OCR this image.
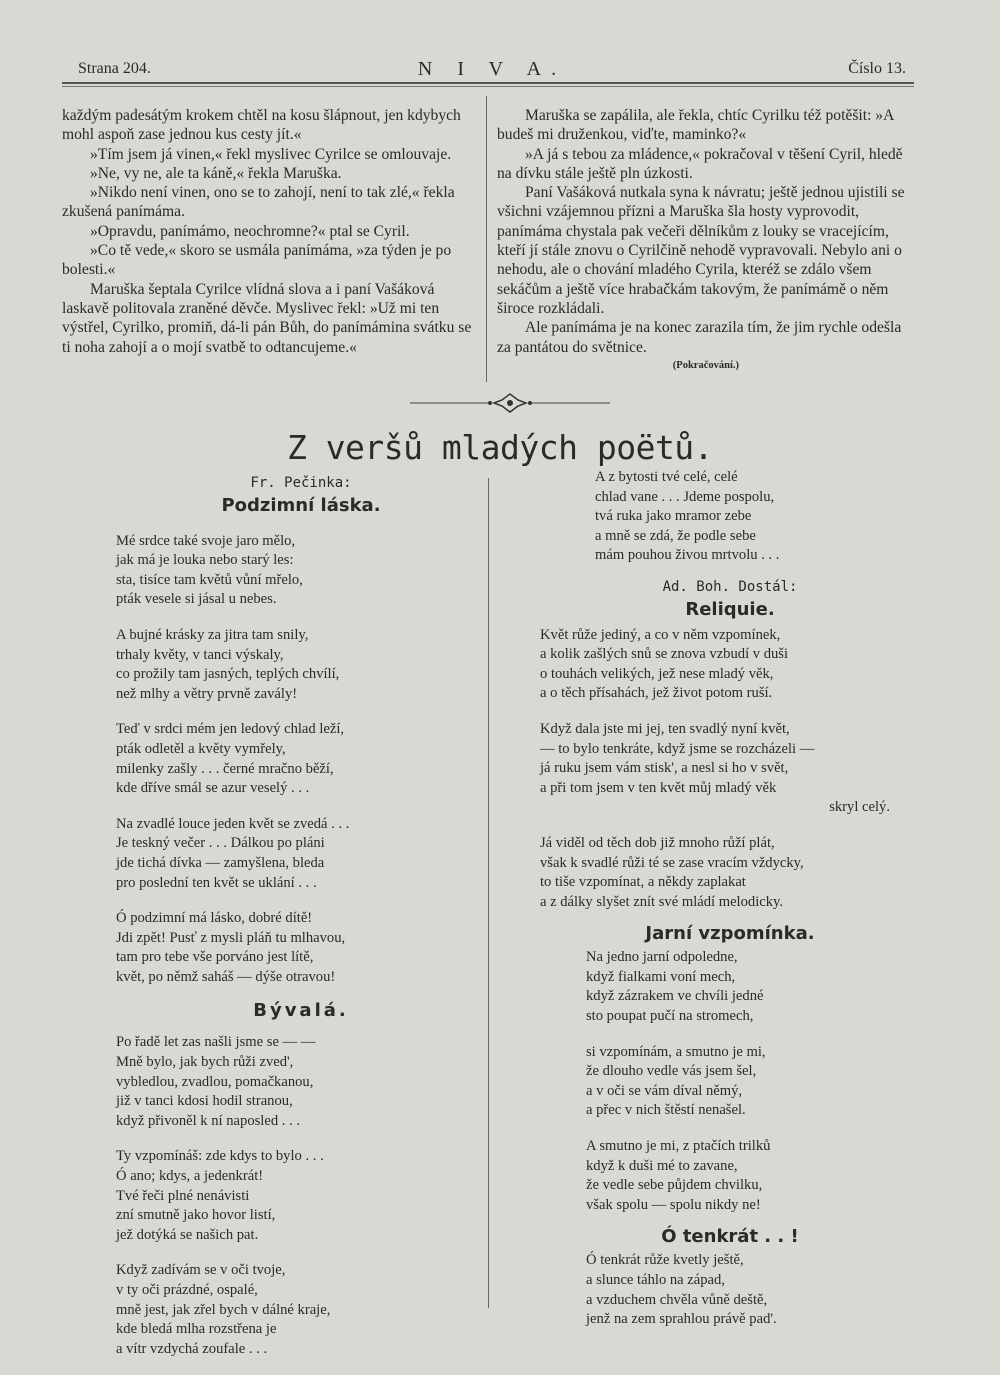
Strana 204.	N I V A.	Číslo 13.

každým padesátým krokem chtěl na kosu šlápnout, jen kdybych mohl aspoň zase jednou kus cesty jít.«

»Tím jsem já vinen,« řekl myslivec Cyrilce se omlouvaje.

»Ne, vy ne, ale ta káně,« řekla Maruška.

»Nikdo není vinen, ono se to zahojí, není to tak zlé,« řekla zkušená panímáma.

»Opravdu, panímámo, neochromne?« ptal se Cyril.

»Co tě vede,« skoro se usmála panímáma, »za týden je po bolesti.«

Maruška šeptala Cyrilce vlídná slova a i paní Vašáková laskavě politovala zraněné děvče. Myslivec řekl: »Už mi ten výstřel, Cyrilko, promiň, dá-li pán Bůh, do panímámina svátku se ti noha zahojí a o mojí svatbě to odtancujeme.«

Maruška se zapálila, ale řekla, chtíc Cyrilku též potěšit: »A budeš mi druženkou, viďte, maminko?«

»A já s tebou za mládence,« pokračoval v těšení Cyril, hledě na dívku stále ještě pln úzkosti.

Paní Vašáková nutkala syna k návratu; ještě jednou ujistili se všichni vzájemnou přízni a Maruška šla hosty vyprovodit, panímáma chystala pak večeři dělníkům z louky se vracejícím, kteří jí stále znovu o Cyrilčině nehodě vypravovali. Nebylo ani o nehodu, ale o chování mladého Cyrila, kteréž se zdálo všem sekáčům a ještě více hrabačkám takovým, že panímámě o něm široce rozkládali.

Ale panímáma je na konec zarazila tím, že jim rychle odešla za pantátou do světnice.

(Pokračování.)

Z veršů mladých poëtů.

Fr. Pečinka:

Podzimní láska.

Mé srdce také svoje jaro mělo,
jak má je louka nebo starý les:
sta, tisíce tam květů vůní mřelo,
pták vesele si jásal u nebes.
A bujné krásky za jitra tam snily,
trhaly květy, v tanci výskaly,
co prožily tam jasných, teplých chvílí,
než mlhy a větry prvně zavály!
Teď v srdci mém jen ledový chlad leží,
pták odletěl a květy vymřely,
milenky zašly . . . černé mračno běží,
kde dříve smál se azur veselý . . .
Na zvadlé louce jeden květ se zvedá . . .
Je teskný večer . . . Dálkou po pláni
jde tichá dívka — zamyšlena, bleda
pro poslední ten květ se uklání . . .
Ó podzimní má lásko, dobré dítě!
Jdi zpět! Pusť z mysli pláň tu mlhavou,
tam pro tebe vše porváno jest lítě,
květ, po němž saháš — dýše otravou!

Bývalá.

Po řadě let zas našli jsme se — —
Mně bylo, jak bych růži zved',
vybledlou, zvadlou, pomačkanou,
již v tanci kdosi hodil stranou,
když přivoněl k ní naposled . . .
Ty vzpomínáš: zde kdys to bylo . . .
Ó ano; kdys, a jedenkrát!
Tvé řeči plné nenávisti
zní smutně jako hovor listí,
jež dotýká se našich pat.
Když zadívám se v oči tvoje,
v ty oči prázdné, ospalé,
mně jest, jak zřel bych v dálné kraje,
kde bledá mlha rozstřena je
a vítr vzdychá zoufale . . .
A z bytosti tvé celé, celé
chlad vane . . . Jdeme pospolu,
tvá ruka jako mramor zebe
a mně se zdá, že podle sebe
mám pouhou živou mrtvolu . . .

Ad. Boh. Dostál:

Reliquie.

Květ růže jediný, a co v něm vzpomínek,
a kolik zašlých snů se znova vzbudí v duši
o touhách velikých, jež nese mladý věk,
a o těch přísahách, jež život potom ruší.
Když dala jste mi jej, ten svadlý nyní květ,
— to bylo tenkráte, když jsme se rozcházeli —
já ruku jsem vám stisk', a nesl si ho v svět,
a při tom jsem v ten květ můj mladý věk
skryl celý.
Já viděl od těch dob již mnoho růží plát,
však k svadlé růži té se zase vracím vždycky,
to tiše vzpomínat, a někdy zaplakat
a z dálky slyšet znít své mládí melodicky.

Jarní vzpomínka.

Na jedno jarní odpoledne,
když fialkami voní mech,
když zázrakem ve chvíli jedné
sto poupat pučí na stromech,
si vzpomínám, a smutno je mi,
že dlouho vedle vás jsem šel,
a v oči se vám díval němý,
a přec v nich štěstí nenašel.
A smutno je mi, z ptačích trilků
když k duši mé to zavane,
že vedle sebe půjdem chvilku,
však spolu — spolu nikdy ne!

Ó tenkrát . . !

Ó tenkrát růže kvetly ještě,
a slunce táhlo na západ,
a vzduchem chvěla vůně deště,
jenž na zem sprahlou právě pad'.
